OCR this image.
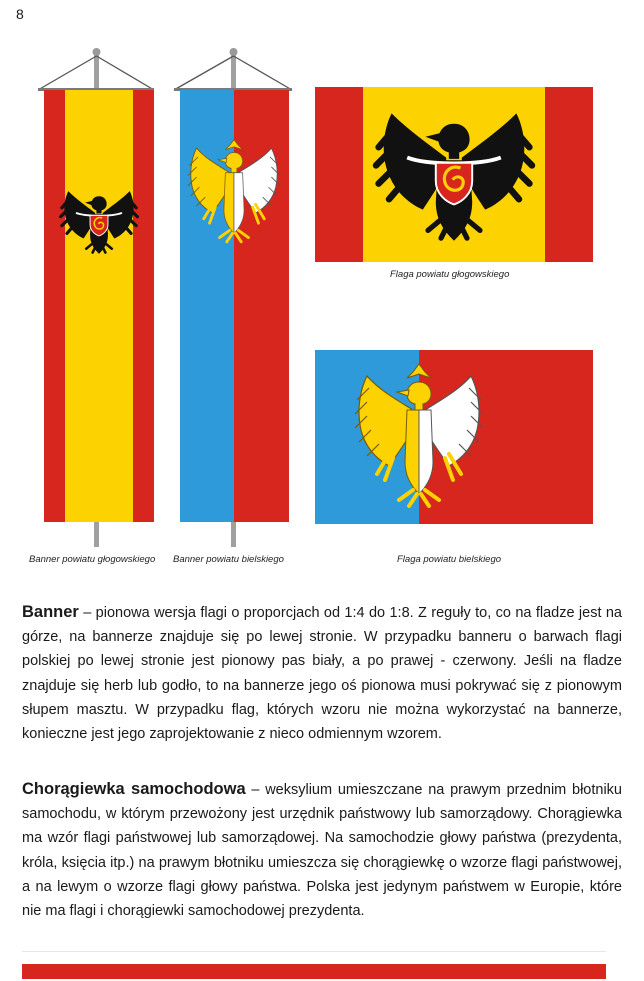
8
Banner powiatu głogowskiego Banner powiatu bielskiego
Flaga powiatu głogowskiego
Flaga powiatu bielskiego

Banner – pionowa wersja flagi o proporcjach od 1:4 do 1:8. Z reguły to, co na fladze jest na górze, na bannerze znajduje się po lewej stronie. W przypadku banneru o barwach flagi polskiej po lewej stronie jest pionowy pas biały, a po prawej - czerwony. Jeśli na fladze znajduje się herb lub godło, to na bannerze jego oś pionowa musi pokrywać się z pionowym słupem masztu. W przypadku flag, których wzoru nie można wykorzystać na bannerze, konieczne jest jego zaprojektowanie z nieco odmiennym wzorem.

Chorągiewka samochodowa – weksylium umieszczane na prawym przednim błotniku samochodu, w którym przewożony jest urzędnik państwowy lub samorządowy. Chorągiewka ma wzór flagi państwowej lub samorządowej. Na samochodzie głowy państwa (prezydenta, króla, księcia itp.) na prawym błotniku umieszcza się chorągiewkę o wzorze flagi państwowej, a na lewym o wzorze flagi głowy państwa. Polska jest jedynym państwem w Europie, które nie ma flagi i chorągiewki samochodowej prezydenta.
